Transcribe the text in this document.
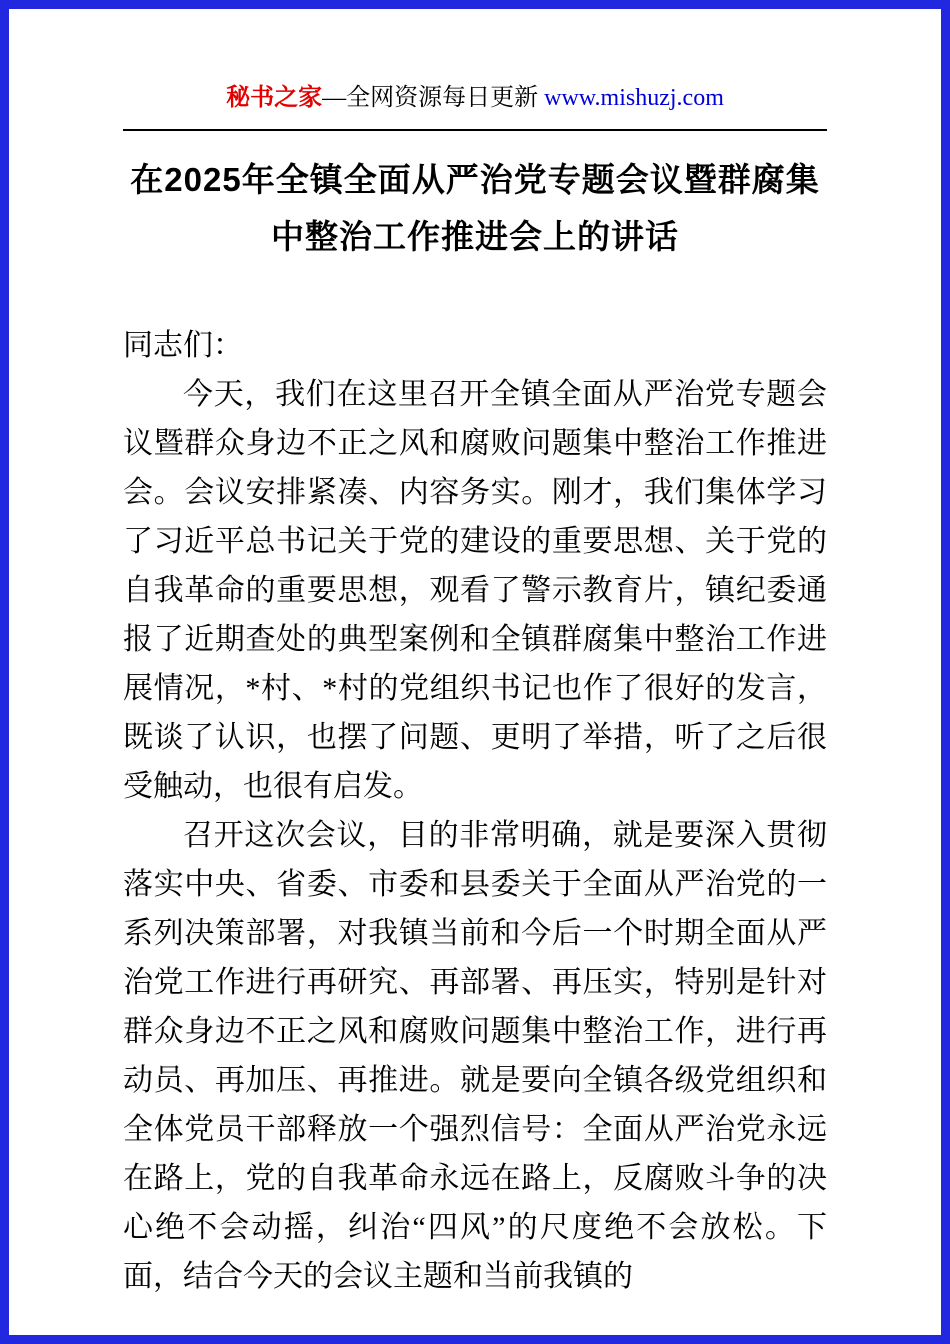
秘书之家—全网资源每日更新 www.mishuzj.com
在2025年全镇全面从严治党专题会议暨群腐集中整治工作推进会上的讲话

同志们：

今天，我们在这里召开全镇全面从严治党专题会议暨群众身边不正之风和腐败问题集中整治工作推进会。会议安排紧凑、内容务实。刚才，我们集体学习了习近平总书记关于党的建设的重要思想、关于党的自我革命的重要思想，观看了警示教育片，镇纪委通报了近期查处的典型案例和全镇群腐集中整治工作进展情况，*村、*村的党组织书记也作了很好的发言，既谈了认识，也摆了问题、更明了举措，听了之后很受触动，也很有启发。

召开这次会议，目的非常明确，就是要深入贯彻落实中央、省委、市委和县委关于全面从严治党的一系列决策部署，对我镇当前和今后一个时期全面从严治党工作进行再研究、再部署、再压实，特别是针对群众身边不正之风和腐败问题集中整治工作，进行再动员、再加压、再推进。就是要向全镇各级党组织和全体党员干部释放一个强烈信号：全面从严治党永远在路上，党的自我革命永远在路上，反腐败斗争的决心绝不会动摇，纠治“四风”的尺度绝不会放松。下面，结合今天的会议主题和当前我镇的
